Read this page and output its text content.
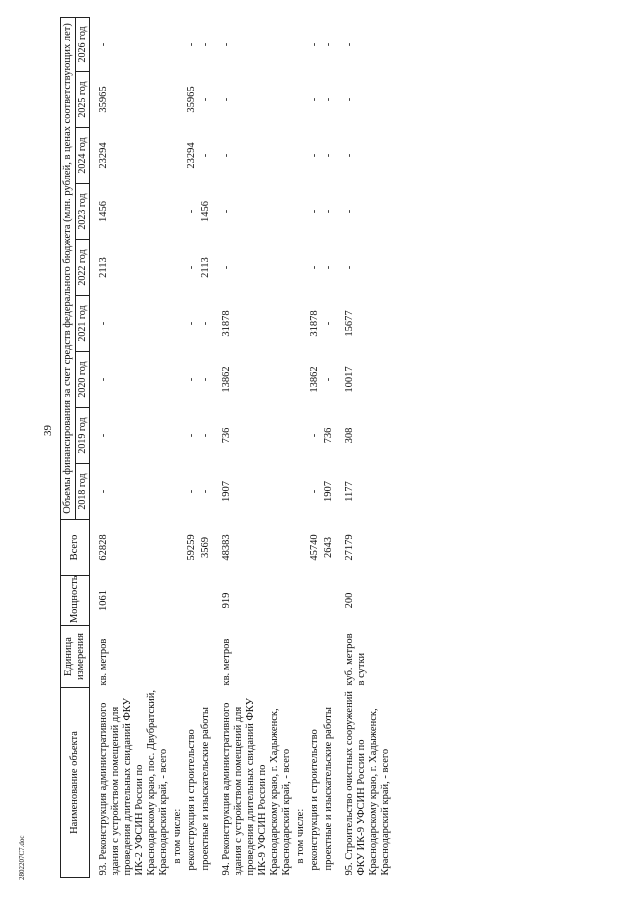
39
2802207С7.doc
Наименование объекта	Единица измерения	Мощность	Всего	Объемы финансирования за счет средств федерального бюджета (млн. рублей, в ценах соответствующих лет)								
				2018 год	2019 год	2020 год	2021 год	2022 год	2023 год	2024 год	2025 год	2026 год
93. Реконструкция административного здания с устройством помещений для проведения длительных свиданий ФКУ ИК-2 УФСИН России по Краснодарскому краю, пос. Двубратский, Краснодарский край, - всего	кв. метров	1061	62828	-	-	-	-	2113	1456	23294	35965	-
в том числе:												
реконструкция и строительство			59259	-	-	-	-	-	-	23294	35965	-
проектные и изыскательские работы			3569	-	-	-	-	2113	1456	-	-	-
94. Реконструкция административного здания с устройством помещений для проведения длительных свиданий ФКУ ИК-9 УФСИН России по Краснодарскому краю, г. Хадыженск, Краснодарский край, - всего	кв. метров	919	48383	1907	736	13862	31878	-	-	-	-	-
в том числе:												
реконструкция и строительство			45740	-	-	13862	31878	-	-	-	-	-
проектные и изыскательские работы			2643	1907	736	-	-	-	-	-	-	-
95. Строительство очистных сооружений ФКУ ИК-9 УФСИН России по Краснодарскому краю, г. Хадыженск, Краснодарский край, - всего	куб. метров в сутки	200	27179	1177	308	10017	15677	-	-	-	-	-
